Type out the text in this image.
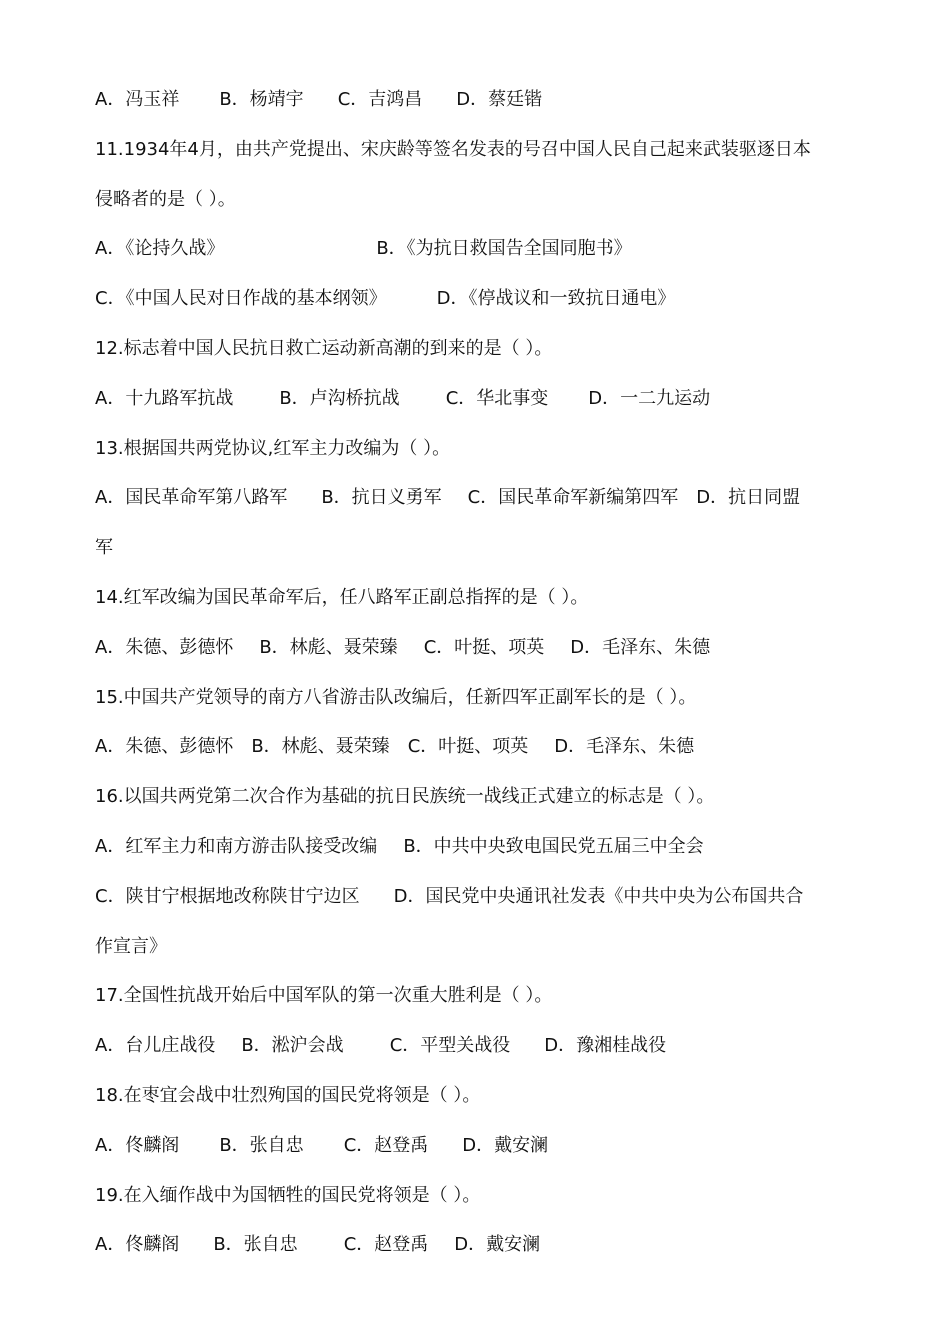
A．冯玉祥 B．杨靖宇 C．吉鸿昌 D．蔡廷锴
11.1934年4月，由共产党提出、宋庆龄等签名发表的号召中国人民自己起来武装驱逐日本
侵略者的是（ ）。
A．《论持久战》	B．《为抗日救国告全国同胞书》
C．《中国人民对日作战的基本纲领》	D．《停战议和一致抗日通电》
12.标志着中国人民抗日救亡运动新高潮的到来的是（ ）。
A．十九路军抗战	B．卢沟桥抗战	C．华北事变 D．一二九运动
13.根据国共两党协议,红军主力改编为（ ）。
A．国民革命军第八路军 B．抗日义勇军 C．国民革命军新编第四军 D．抗日同盟
军
14.红军改编为国民革命军后，任八路军正副总指挥的是（ ）。
A．朱德、彭德怀 B．林彪、聂荣臻 C．叶挺、项英 D．毛泽东、朱德
15.中国共产党领导的南方八省游击队改编后，任新四军正副军长的是（ ）。
A．朱德、彭德怀 B．林彪、聂荣臻 C．叶挺、项英 D．毛泽东、朱德
16.以国共两党第二次合作为基础的抗日民族统一战线正式建立的标志是（ ）。
A．红军主力和南方游击队接受改编 B．中共中央致电国民党五届三中全会
C．陕甘宁根据地改称陕甘宁边区 D．国民党中央通讯社发表《中共中央为公布国共合
作宣言》
17.全国性抗战开始后中国军队的第一次重大胜利是（ ）。
A．台儿庄战役 B．淞沪会战	C．平型关战役 D．豫湘桂战役
18.在枣宜会战中壮烈殉国的国民党将领是（ ）。
A．佟麟阁 B．张自忠 C．赵登禹 D．戴安澜
19.在入缅作战中为国牺牲的国民党将领是（ ）。
A．佟麟阁 B．张自忠	C．赵登禹 D．戴安澜
